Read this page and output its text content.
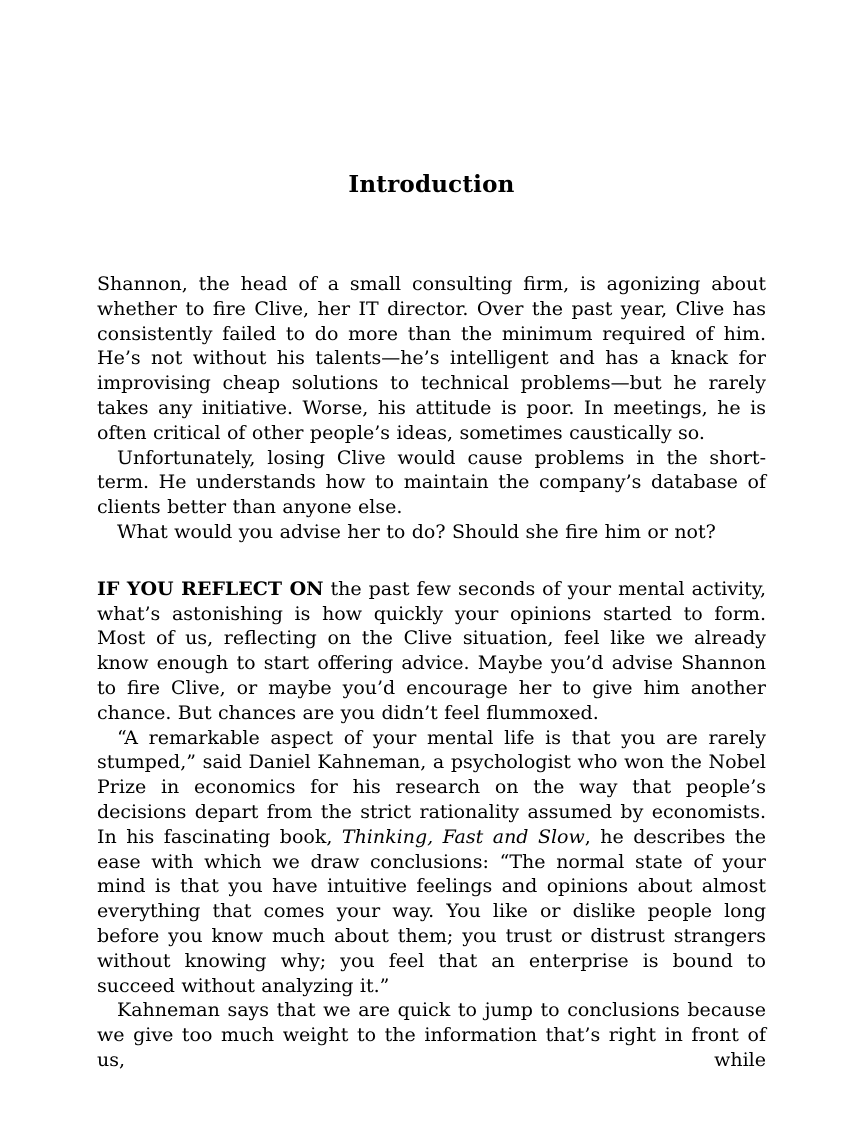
Introduction

Shannon, the head of a small consulting firm, is agonizing about whether to fire Clive, her IT director. Over the past year, Clive has consistently failed to do more than the minimum required of him. He’s not without his talents—he’s intelligent and has a knack for improvising cheap solutions to technical problems—but he rarely takes any initiative. Worse, his attitude is poor. In meetings, he is often critical of other people’s ideas, sometimes caustically so.

Unfortunately, losing Clive would cause problems in the short-term. He understands how to maintain the company’s database of clients better than anyone else.

What would you advise her to do? Should she fire him or not?

IF YOU REFLECT ON the past few seconds of your mental activity, what’s astonishing is how quickly your opinions started to form. Most of us, reflecting on the Clive situation, feel like we already know enough to start offering advice. Maybe you’d advise Shannon to fire Clive, or maybe you’d encourage her to give him another chance. But chances are you didn’t feel flummoxed.

“A remarkable aspect of your mental life is that you are rarely stumped,” said Daniel Kahneman, a psychologist who won the Nobel Prize in economics for his research on the way that people’s decisions depart from the strict rationality assumed by economists. In his fascinating book, Thinking, Fast and Slow, he describes the ease with which we draw conclusions: “The normal state of your mind is that you have intuitive feelings and opinions about almost everything that comes your way. You like or dislike people long before you know much about them; you trust or distrust strangers without knowing why; you feel that an enterprise is bound to succeed without analyzing it.”

Kahneman says that we are quick to jump to conclusions because we give too much weight to the information that’s right in front of us, while
